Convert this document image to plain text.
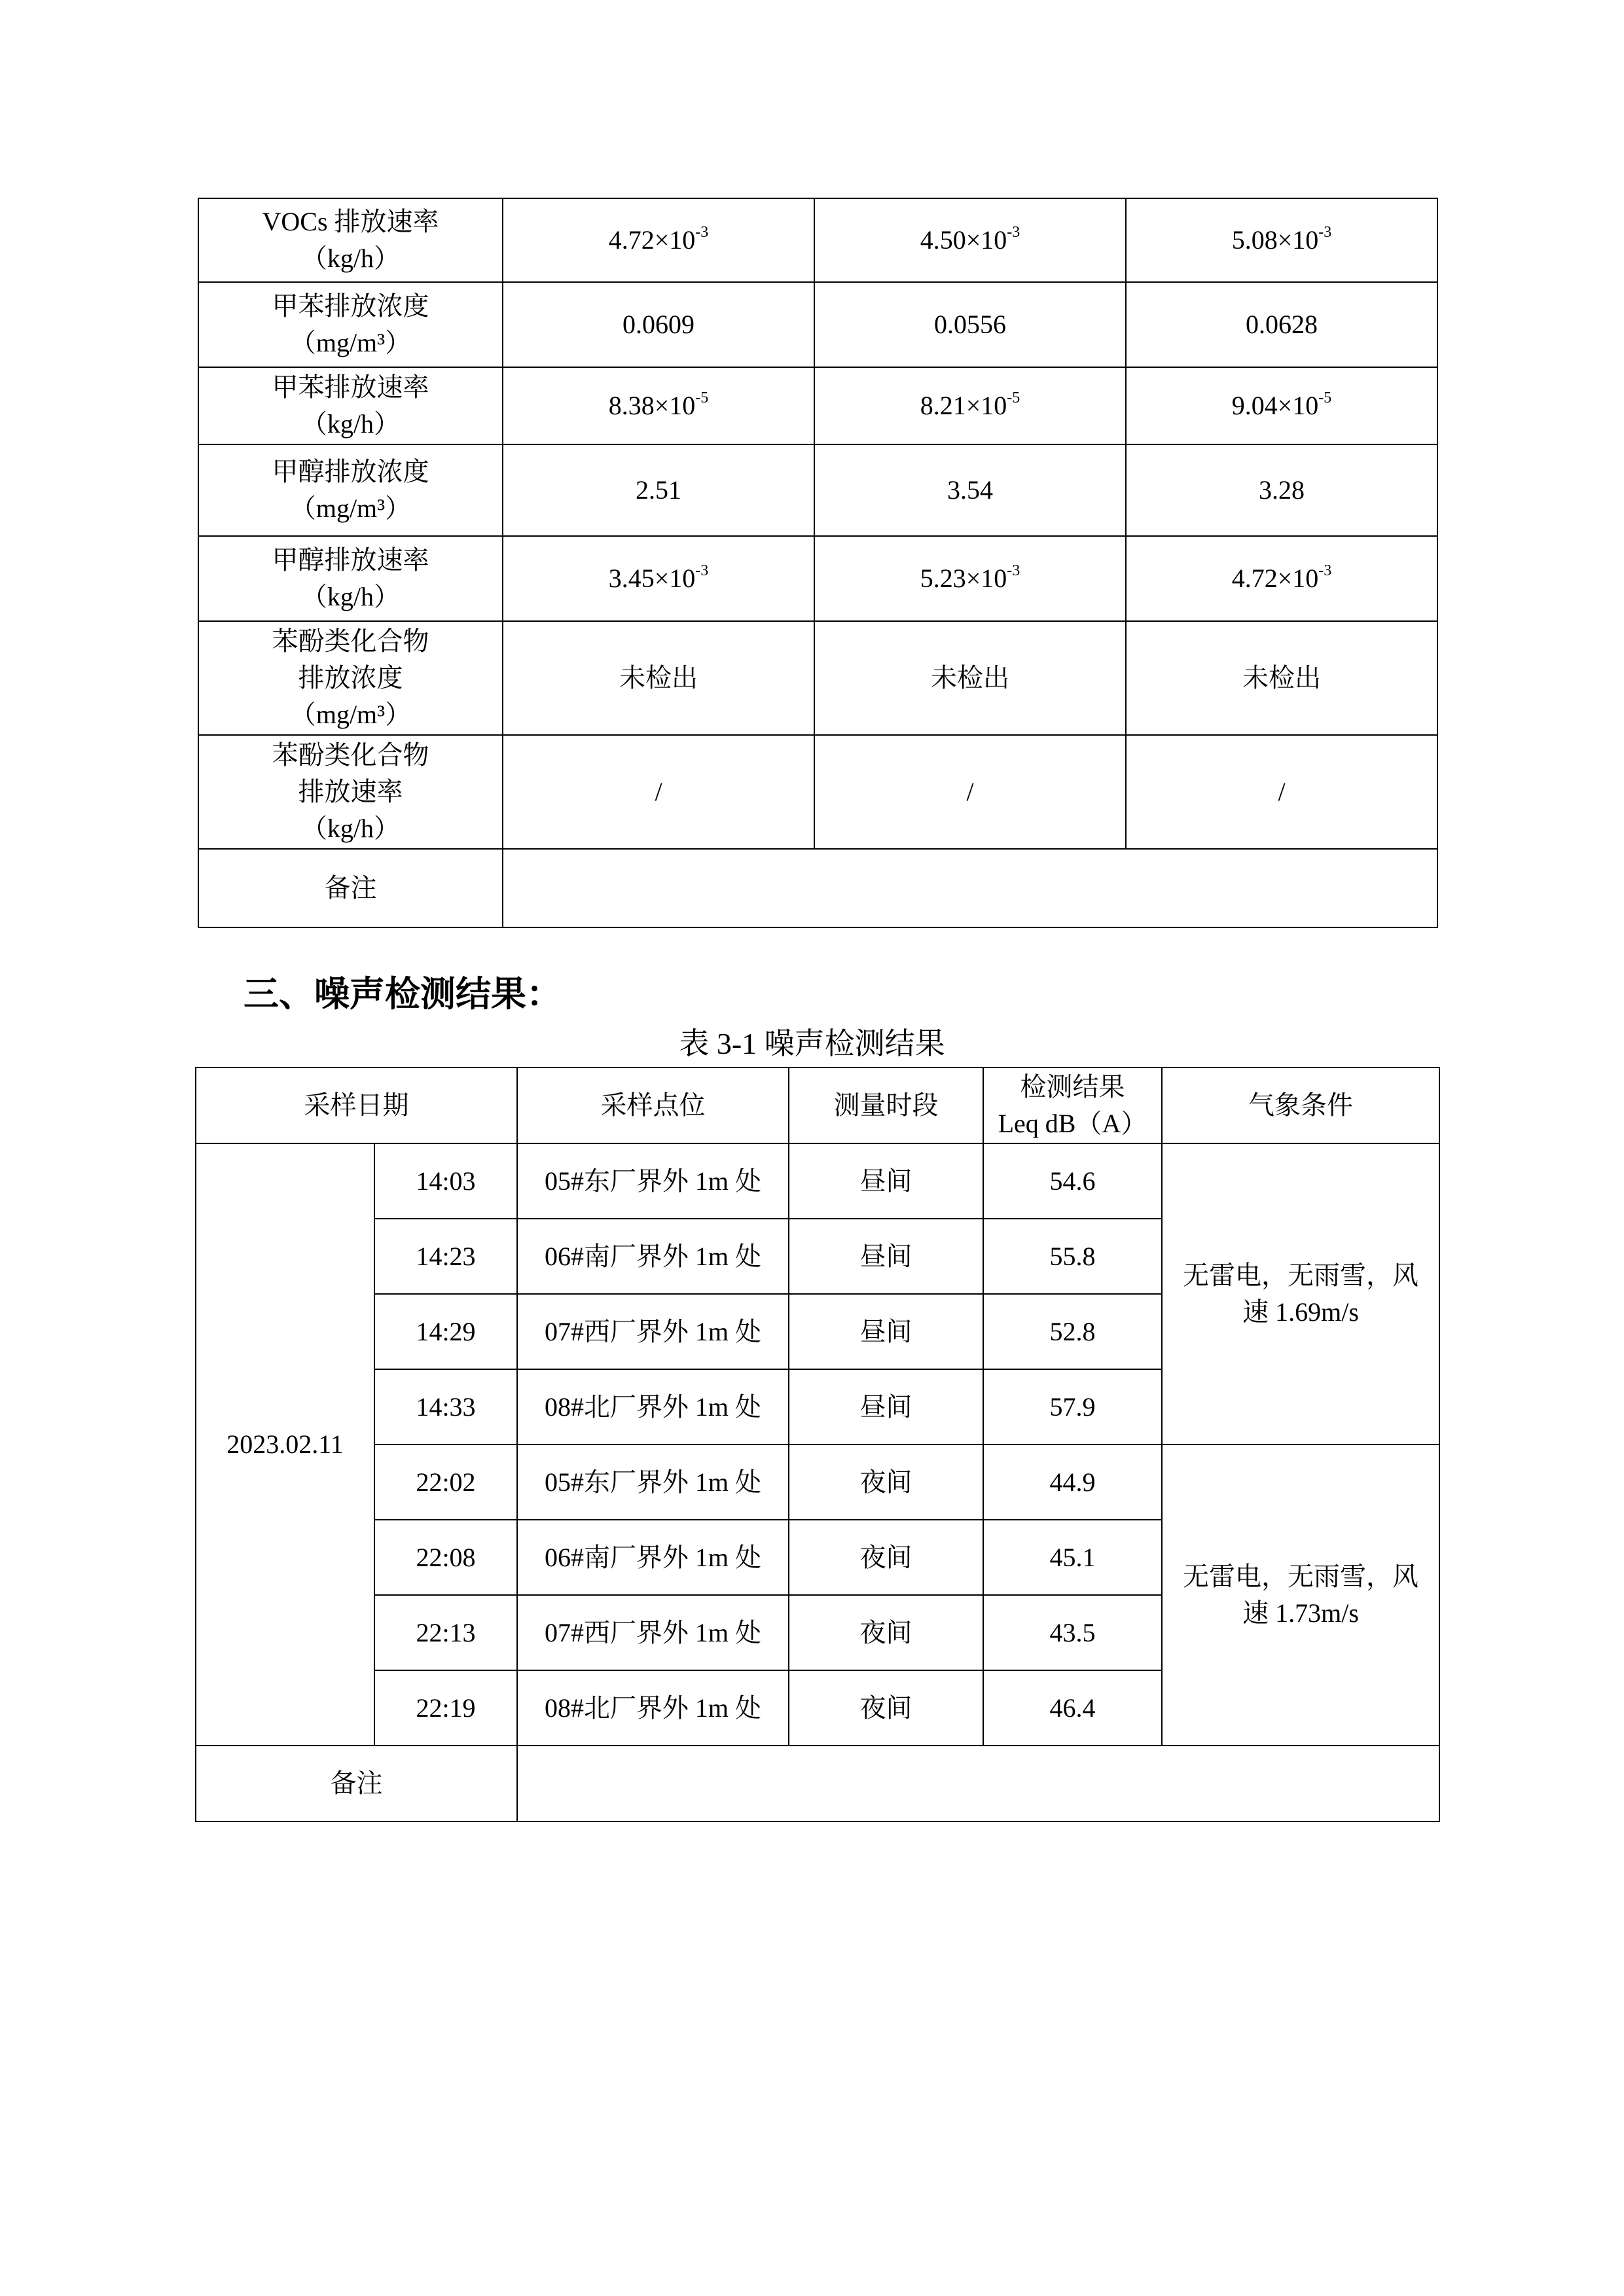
VOCs 排放速率
（kg/h）	$4.72\times 10^{-3}$	$4.50\times 10^{-3}$	$5.08\times 10^{-3}$
甲苯排放浓度
（mg/m³）	0.0609	0.0556	0.0628
甲苯排放速率
（kg/h）	$8.38\times 10^{-5}$	$8.21\times 10^{-5}$	$9.04\times 10^{-5}$
甲醇排放浓度
（mg/m³）	2.51	3.54	3.28
甲醇排放速率
（kg/h）	$3.45\times 10^{-3}$	$5.23\times 10^{-3}$	$4.72\times 10^{-3}$
苯酚类化合物
排放浓度
（mg/m³）	未检出	未检出	未检出
苯酚类化合物
排放速率
（kg/h）	/	/	/
备注			
三、噪声检测结果：
表 3-1 噪声检测结果
采样日期		采样点位	测量时段	检测结果
Leq dB（A）	气象条件
2023.02.11	14:03	05#东厂界外 1m 处	昼间	54.6	无雷电，无雨雪，风
速 1.69m/s
	14:23	06#南厂界外 1m 处	昼间	55.8	
	14:29	07#西厂界外 1m 处	昼间	52.8	
	14:33	08#北厂界外 1m 处	昼间	57.9	
	22:02	05#东厂界外 1m 处	夜间	44.9	无雷电，无雨雪，风
速 1.73m/s
	22:08	06#南厂界外 1m 处	夜间	45.1	
	22:13	07#西厂界外 1m 处	夜间	43.5	
	22:19	08#北厂界外 1m 处	夜间	46.4	
备注					
